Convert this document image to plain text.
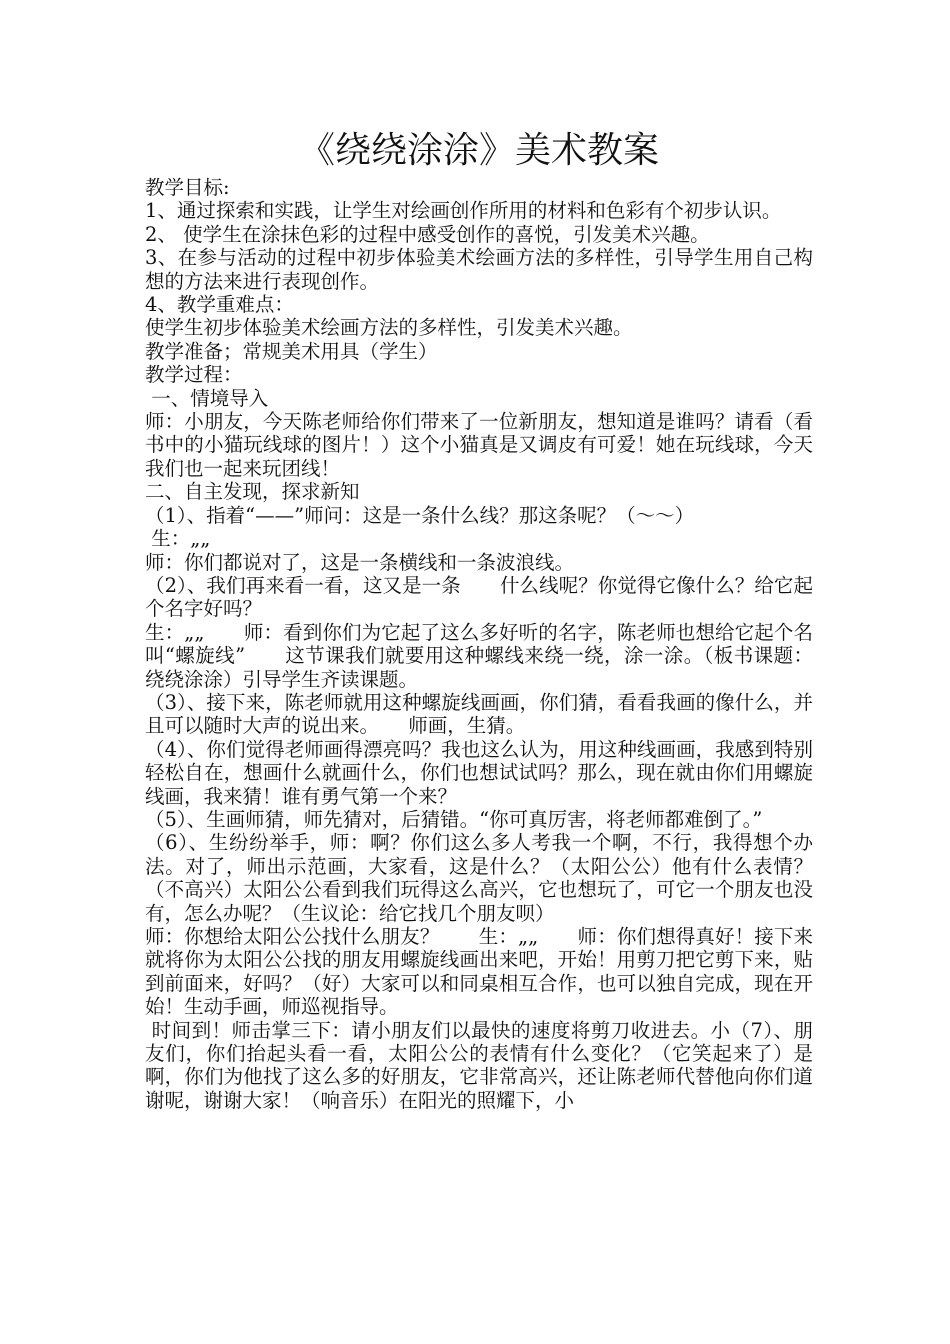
《绕绕涂涂》美术教案

教学目标:

1、通过探索和实践，让学生对绘画创作所用的材料和色彩有个初步认识。

2、 使学生在涂抹色彩的过程中感受创作的喜悦，引发美术兴趣。

3、在参与活动的过程中初步体验美术绘画方法的多样性，引导学生用自己构想的方法来进行表现创作。

4、教学重难点：

使学生初步体验美术绘画方法的多样性，引发美术兴趣。

教学准备；常规美术用具（学生）

教学过程：

一、情境导入

师：小朋友，今天陈老师给你们带来了一位新朋友，想知道是谁吗？请看（看书中的小猫玩线球的图片！）这个小猫真是又调皮有可爱！她在玩线球，今天我们也一起来玩团线！

二、自主发现，探求新知

（1）、指着“——”师问：这是一条什么线？那这条呢？（～～）

生：„„

师：你们都说对了，这是一条横线和一条波浪线。

（2）、我们再来看一看，这又是一条　　什么线呢？你觉得它像什么？给它起个名字好吗？

生：„„　　师：看到你们为它起了这么多好听的名字，陈老师也想给它起个名叫“螺旋线”　　这节课我们就要用这种螺线来绕一绕，涂一涂。（板书课题：绕绕涂涂）引导学生齐读课题。

（3）、接下来，陈老师就用这种螺旋线画画，你们猜，看看我画的像什么，并且可以随时大声的说出来。　　师画，生猜。

（4）、你们觉得老师画得漂亮吗？我也这么认为，用这种线画画，我感到特别轻松自在，想画什么就画什么，你们也想试试吗？那么，现在就由你们用螺旋线画，我来猜！谁有勇气第一个来？

（5）、生画师猜，师先猜对，后猜错。“你可真厉害，将老师都难倒了。”

（6）、生纷纷举手，师：啊？你们这么多人考我一个啊，不行，我得想个办法。对了，师出示范画，大家看，这是什么？（太阳公公）他有什么表情？（不高兴）太阳公公看到我们玩得这么高兴，它也想玩了，可它一个朋友也没有，怎么办呢？（生议论：给它找几个朋友呗）

师：你想给太阳公公找什么朋友？　　生：„„　　师：你们想得真好！接下来就将你为太阳公公找的朋友用螺旋线画出来吧，开始！用剪刀把它剪下来，贴到前面来，好吗？（好）大家可以和同桌相互合作，也可以独自完成，现在开始！生动手画，师巡视指导。

时间到！师击掌三下：请小朋友们以最快的速度将剪刀收进去。小（7）、朋友们，你们抬起头看一看，太阳公公的表情有什么变化？（它笑起来了）是啊，你们为他找了这么多的好朋友，它非常高兴，还让陈老师代替他向你们道谢呢，谢谢大家！（响音乐）在阳光的照耀下，小
